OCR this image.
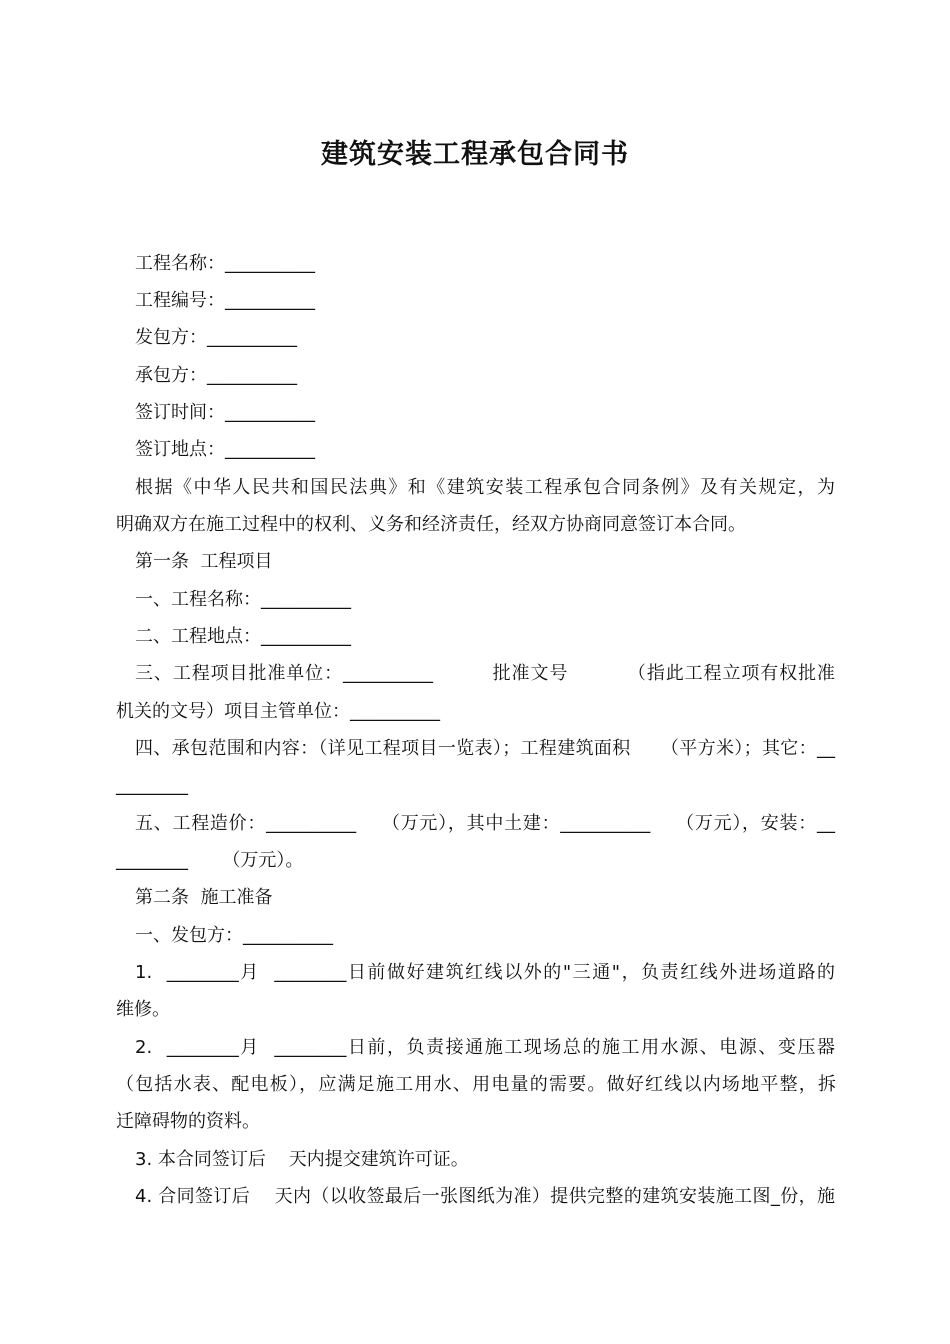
建筑安装工程承包合同书
工程名称：__________
工程编号：__________
发包方：__________
承包方：__________
签订时间：__________
签订地点：__________
根据《中华人民共和国民法典》和《建筑安装工程承包合同条例》及有关规定，为
明确双方在施工过程中的权利、义务和经济责任，经双方协商同意签订本合同。
第一条  工程项目
一、工程名称：__________
二、工程地点：__________
三、工程项目批准单位：__________         批准文号         （指此工程立项有权批准
机关的文号）项目主管单位：__________
四、承包范围和内容：（详见工程项目一览表）；工程建筑面积     （平方米）；其它：__
________
五、工程造价：__________    （万元），其中土建：__________    （万元），安装：__
________      （万元）。
第二条  施工准备
一、发包方：__________
1.  ________月  ________日前做好建筑红线以外的"三通"，负责红线外进场道路的
维修。
2.  ________月  ________日前，负责接通施工现场总的施工用水源、电源、变压器
（包括水表、配电板），应满足施工用水、用电量的需要。做好红线以内场地平整，拆
迁障碍物的资料。
3. 本合同签订后    天内提交建筑许可证。
4. 合同签订后    天内（以收签最后一张图纸为准）提供完整的建筑安装施工图_份，施
